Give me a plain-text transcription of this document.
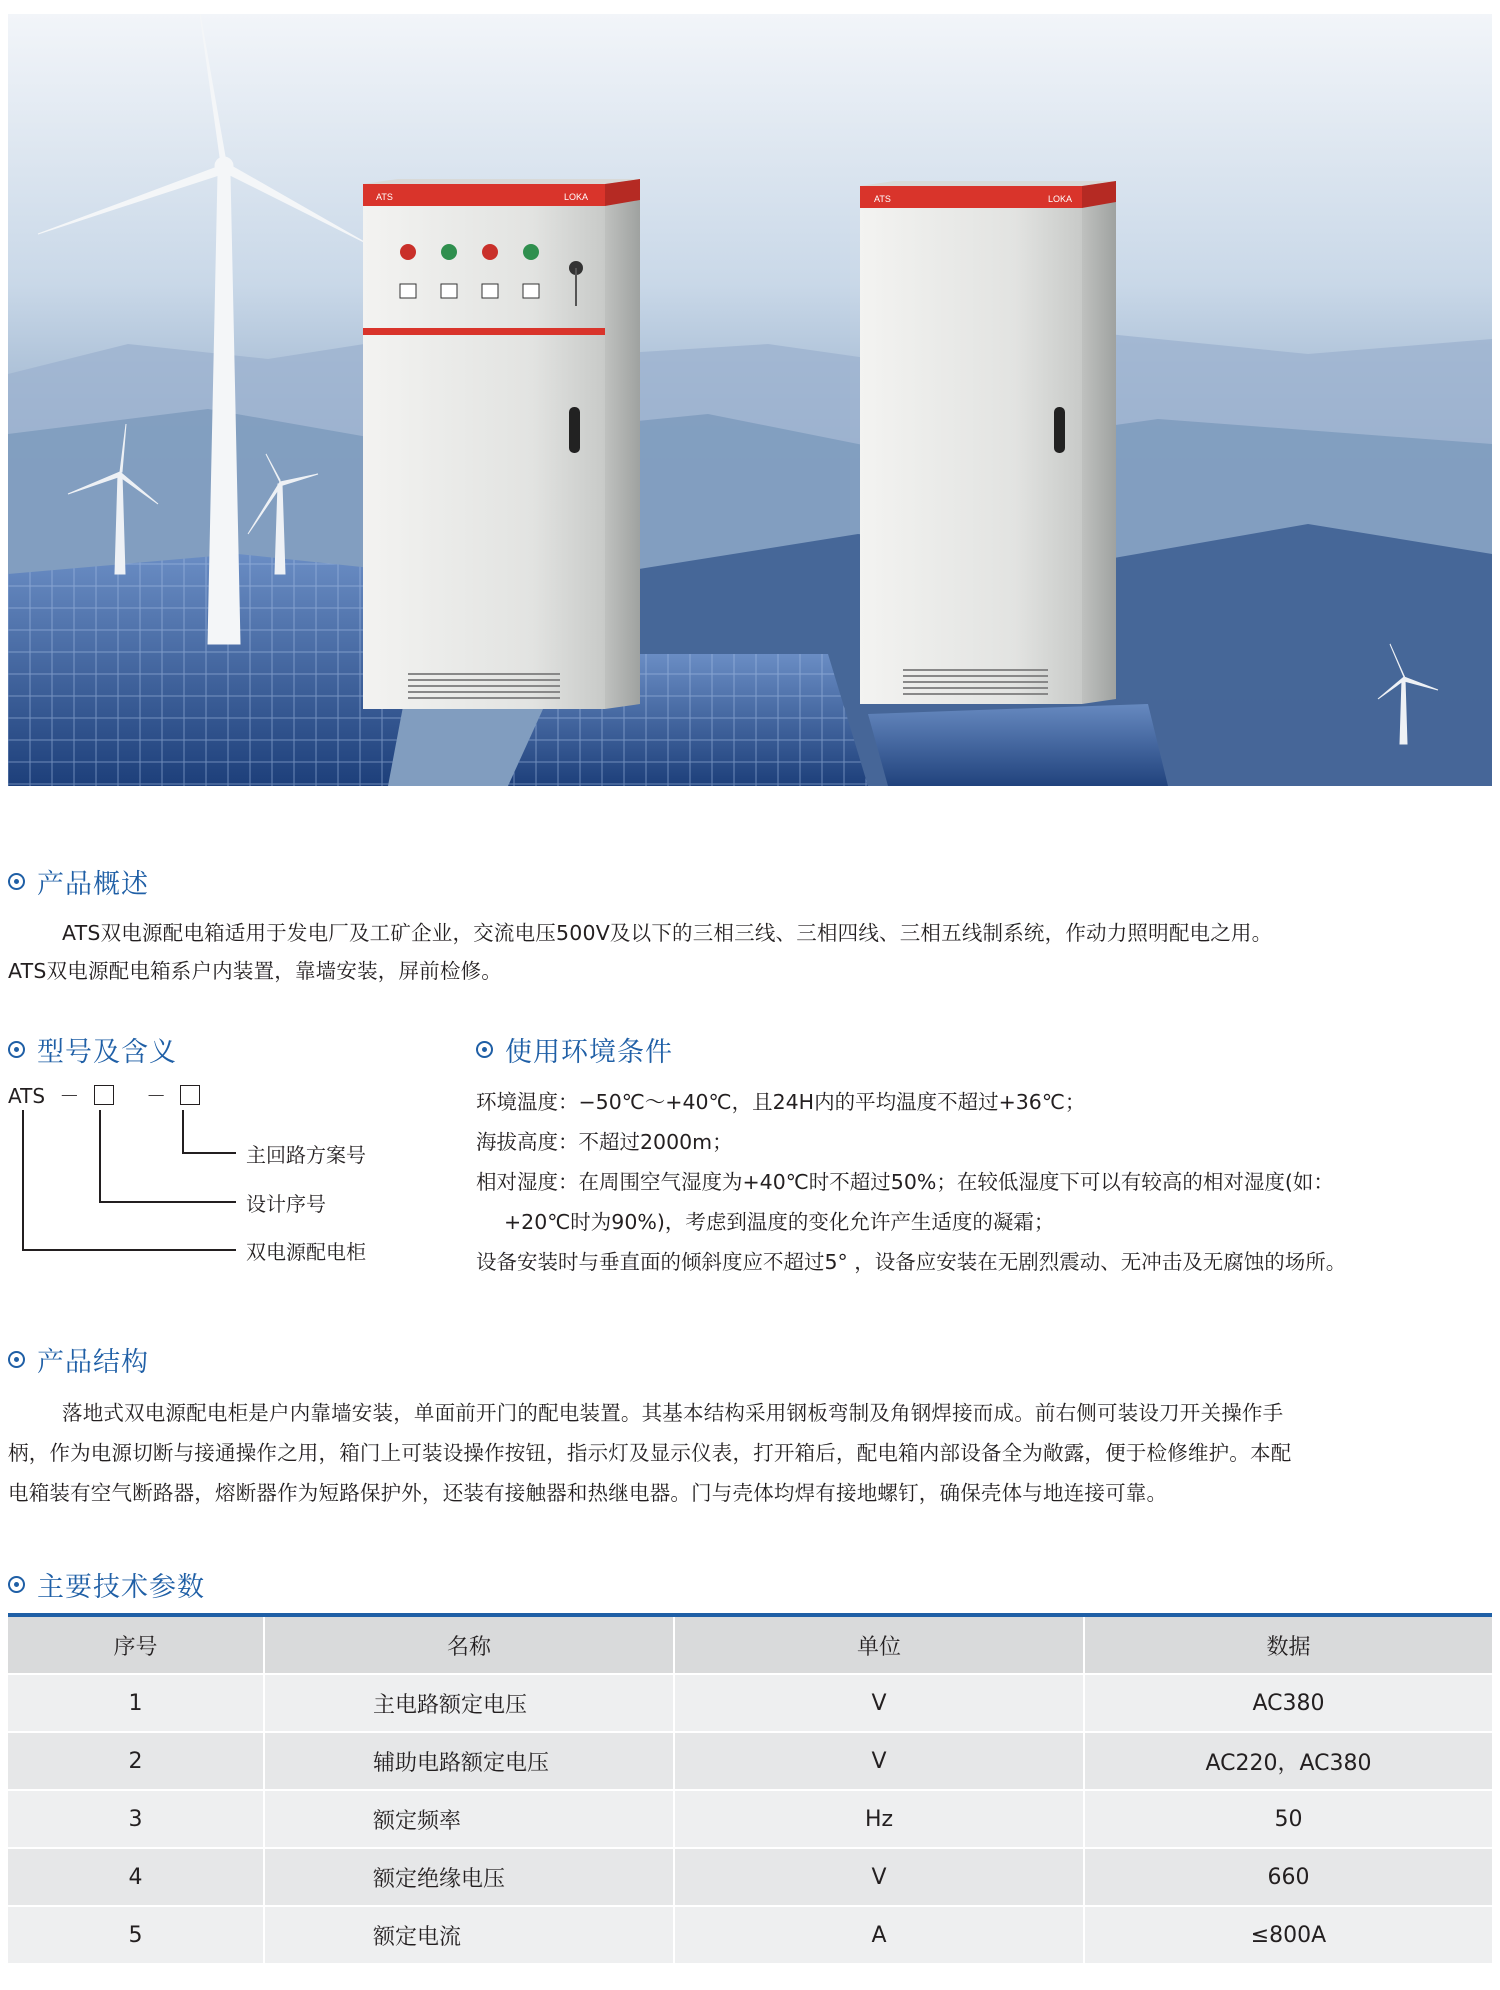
ATS	LOKA	ATS	LOKA
产品概述

ATS双电源配电箱适用于发电厂及工矿企业，交流电压500V及以下的三相三线、三相四线、三相五线制系统，作动力照明配电之用。

ATS双电源配电箱系户内装置，靠墙安装，屏前检修。

型号及含义
ATS －	－
主回路方案号
设计序号
双电源配电柜
使用环境条件

环境温度：−50℃～+40℃，且24H内的平均温度不超过+36℃；

海拔高度：不超过2000m；

相对湿度：在周围空气湿度为+40℃时不超过50%；在较低湿度下可以有较高的相对湿度(如：

+20℃时为90%)，考虑到温度的变化允许产生适度的凝霜；

设备安装时与垂直面的倾斜度应不超过5° ，设备应安装在无剧烈震动、无冲击及无腐蚀的场所。

产品结构

落地式双电源配电柜是户内靠墙安装，单面前开门的配电装置。其基本结构采用钢板弯制及角钢焊接而成。前右侧可装设刀开关操作手

柄，作为电源切断与接通操作之用，箱门上可装设操作按钮，指示灯及显示仪表，打开箱后，配电箱内部设备全为敞露，便于检修维护。本配

电箱装有空气断路器，熔断器作为短路保护外，还装有接触器和热继电器。门与壳体均焊有接地螺钉，确保壳体与地连接可靠。

主要技术参数
序号	名称	单位	数据
1	主电路额定电压	V	AC380
2	辅助电路额定电压	V	AC220，AC380
3	额定频率	Hz	50
4	额定绝缘电压	V	660
5	额定电流	A	≤800A
